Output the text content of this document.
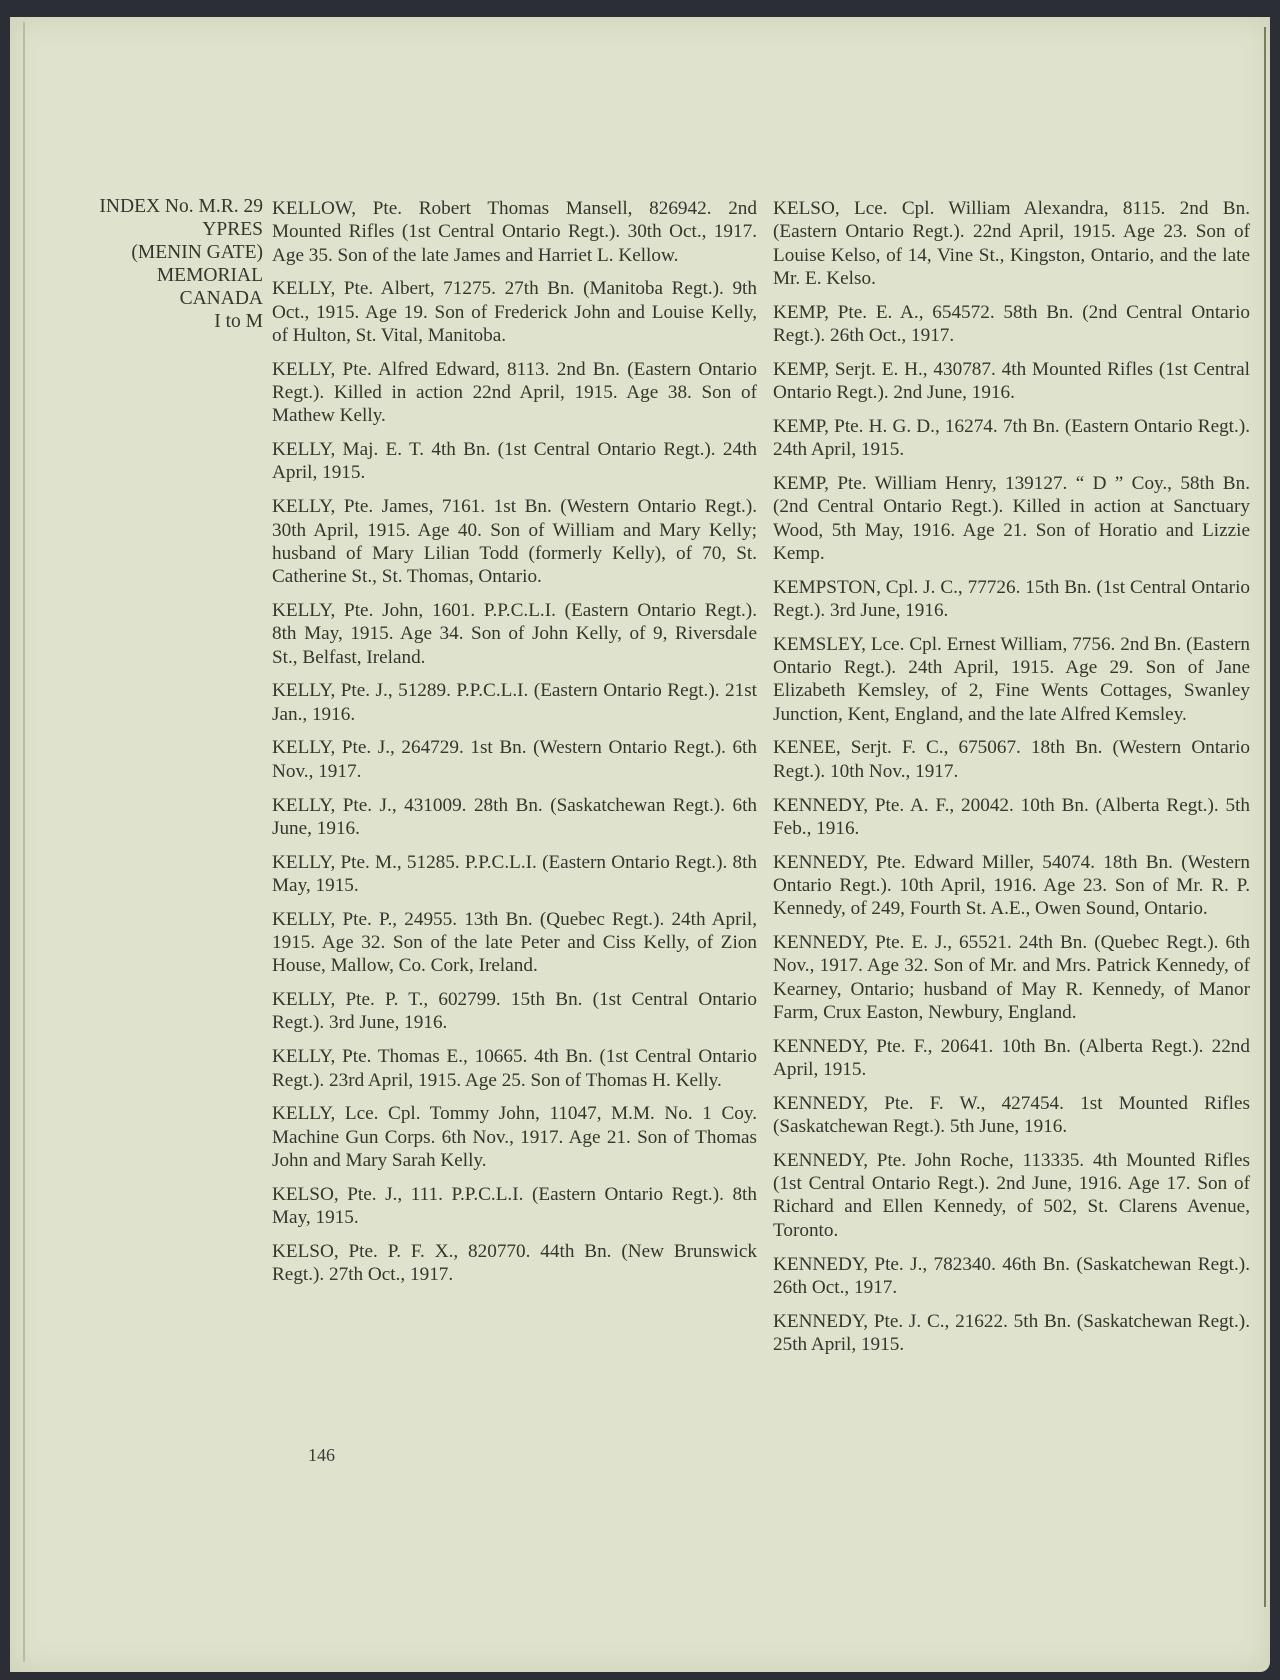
INDEX No. M.R. 29
YPRES
(MENIN GATE)
MEMORIAL
CANADA
I to M

KELLOW, Pte. Robert Thomas Mansell, 826942. 2nd Mounted Rifles (1st Central Ontario Regt.). 30th Oct., 1917. Age 35. Son of the late James and Harriet L. Kellow.

KELLY, Pte. Albert, 71275. 27th Bn. (Manitoba Regt.). 9th Oct., 1915. Age 19. Son of Frederick John and Louise Kelly, of Hulton, St. Vital, Manitoba.

KELLY, Pte. Alfred Edward, 8113. 2nd Bn. (Eastern Ontario Regt.). Killed in action 22nd April, 1915. Age 38. Son of Mathew Kelly.

KELLY, Maj. E. T. 4th Bn. (1st Central Ontario Regt.). 24th April, 1915.

KELLY, Pte. James, 7161. 1st Bn. (Western Ontario Regt.). 30th April, 1915. Age 40. Son of William and Mary Kelly; husband of Mary Lilian Todd (formerly Kelly), of 70, St. Catherine St., St. Thomas, Ontario.

KELLY, Pte. John, 1601. P.P.C.L.I. (Eastern Ontario Regt.). 8th May, 1915. Age 34. Son of John Kelly, of 9, Riversdale St., Belfast, Ireland.

KELLY, Pte. J., 51289. P.P.C.L.I. (Eastern Ontario Regt.). 21st Jan., 1916.

KELLY, Pte. J., 264729. 1st Bn. (Western Ontario Regt.). 6th Nov., 1917.

KELLY, Pte. J., 431009. 28th Bn. (Saskatchewan Regt.). 6th June, 1916.

KELLY, Pte. M., 51285. P.P.C.L.I. (Eastern Ontario Regt.). 8th May, 1915.

KELLY, Pte. P., 24955. 13th Bn. (Quebec Regt.). 24th April, 1915. Age 32. Son of the late Peter and Ciss Kelly, of Zion House, Mallow, Co. Cork, Ireland.

KELLY, Pte. P. T., 602799. 15th Bn. (1st Central Ontario Regt.). 3rd June, 1916.

KELLY, Pte. Thomas E., 10665. 4th Bn. (1st Central Ontario Regt.). 23rd April, 1915. Age 25. Son of Thomas H. Kelly.

KELLY, Lce. Cpl. Tommy John, 11047, M.M. No. 1 Coy. Machine Gun Corps. 6th Nov., 1917. Age 21. Son of Thomas John and Mary Sarah Kelly.

KELSO, Pte. J., 111. P.P.C.L.I. (Eastern Ontario Regt.). 8th May, 1915.

KELSO, Pte. P. F. X., 820770. 44th Bn. (New Brunswick Regt.). 27th Oct., 1917.

KELSO, Lce. Cpl. William Alexandra, 8115. 2nd Bn. (Eastern Ontario Regt.). 22nd April, 1915. Age 23. Son of Louise Kelso, of 14, Vine St., Kingston, Ontario, and the late Mr. E. Kelso.

KEMP, Pte. E. A., 654572. 58th Bn. (2nd Central Ontario Regt.). 26th Oct., 1917.

KEMP, Serjt. E. H., 430787. 4th Mounted Rifles (1st Central Ontario Regt.). 2nd June, 1916.

KEMP, Pte. H. G. D., 16274. 7th Bn. (Eastern Ontario Regt.). 24th April, 1915.

KEMP, Pte. William Henry, 139127. “ D ” Coy., 58th Bn. (2nd Central Ontario Regt.). Killed in action at Sanctuary Wood, 5th May, 1916. Age 21. Son of Horatio and Lizzie Kemp.

KEMPSTON, Cpl. J. C., 77726. 15th Bn. (1st Central Ontario Regt.). 3rd June, 1916.

KEMSLEY, Lce. Cpl. Ernest William, 7756. 2nd Bn. (Eastern Ontario Regt.). 24th April, 1915. Age 29. Son of Jane Elizabeth Kemsley, of 2, Fine Wents Cottages, Swanley Junction, Kent, England, and the late Alfred Kemsley.

KENEE, Serjt. F. C., 675067. 18th Bn. (Western Ontario Regt.). 10th Nov., 1917.

KENNEDY, Pte. A. F., 20042. 10th Bn. (Alberta Regt.). 5th Feb., 1916.

KENNEDY, Pte. Edward Miller, 54074. 18th Bn. (Western Ontario Regt.). 10th April, 1916. Age 23. Son of Mr. R. P. Kennedy, of 249, Fourth St. A.E., Owen Sound, Ontario.

KENNEDY, Pte. E. J., 65521. 24th Bn. (Quebec Regt.). 6th Nov., 1917. Age 32. Son of Mr. and Mrs. Patrick Kennedy, of Kearney, Ontario; husband of May R. Kennedy, of Manor Farm, Crux Easton, Newbury, England.

KENNEDY, Pte. F., 20641. 10th Bn. (Alberta Regt.). 22nd April, 1915.

KENNEDY, Pte. F. W., 427454. 1st Mounted Rifles (Saskatchewan Regt.). 5th June, 1916.

KENNEDY, Pte. John Roche, 113335. 4th Mounted Rifles (1st Central Ontario Regt.). 2nd June, 1916. Age 17. Son of Richard and Ellen Kennedy, of 502, St. Clarens Avenue, Toronto.

KENNEDY, Pte. J., 782340. 46th Bn. (Saskatchewan Regt.). 26th Oct., 1917.

KENNEDY, Pte. J. C., 21622. 5th Bn. (Saskatchewan Regt.). 25th April, 1915.

146
